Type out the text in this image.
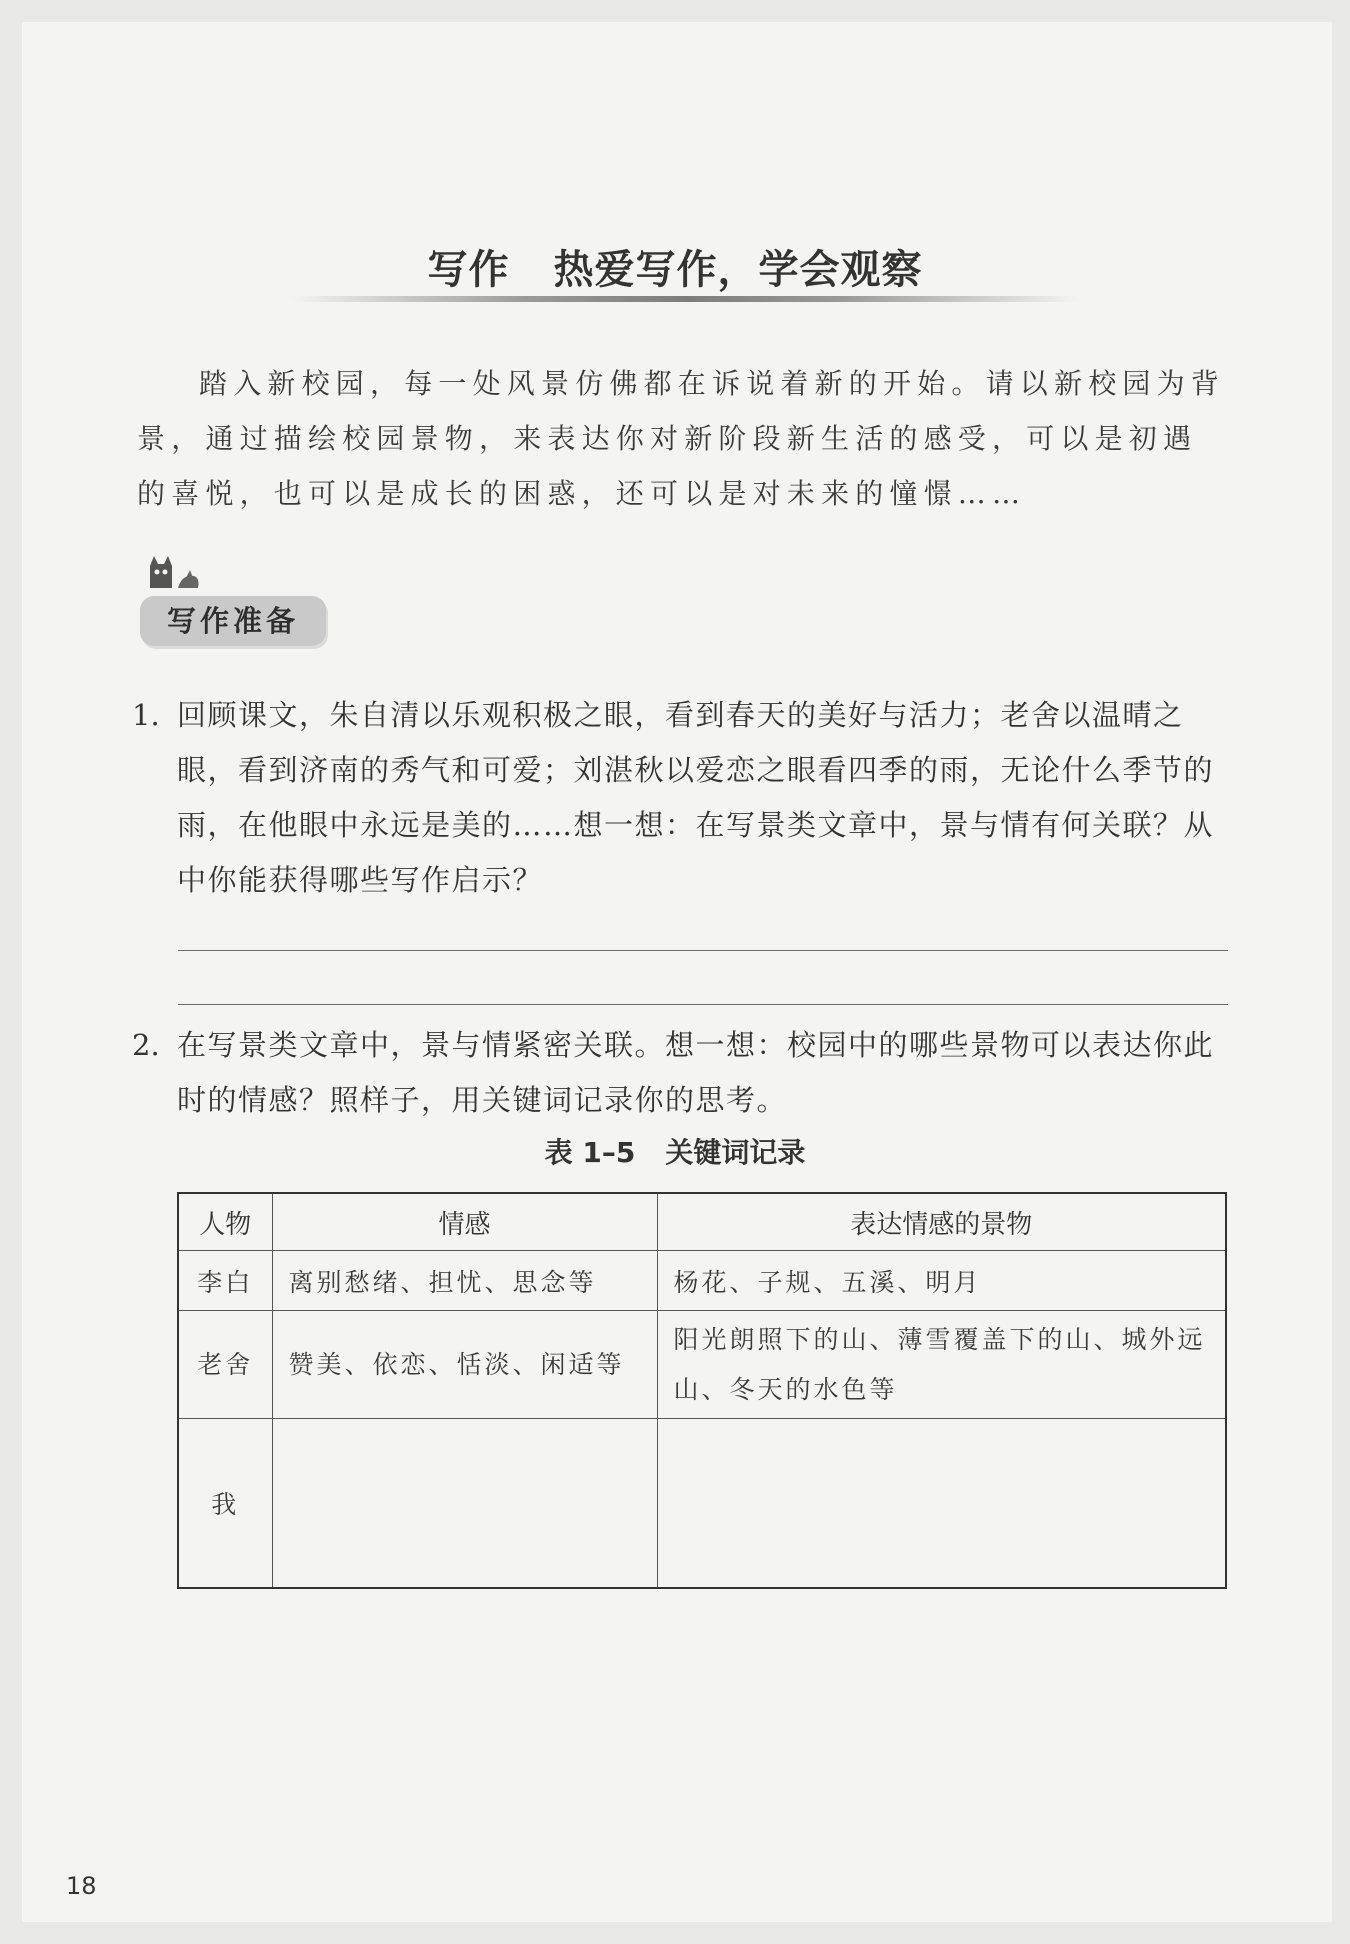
写作 热爱写作，学会观察

踏入新校园，每一处风景仿佛都在诉说着新的开始。请以新校园为背景，通过描绘校园景物，来表达你对新阶段新生活的感受，可以是初遇的喜悦，也可以是成长的困惑，还可以是对未来的憧憬……

写作准备
1. 回顾课文，朱自清以乐观积极之眼，看到春天的美好与活力；老舍以温晴之眼，看到济南的秀气和可爱；刘湛秋以爱恋之眼看四季的雨，无论什么季节的雨，在他眼中永远是美的……想一想：在写景类文章中，景与情有何关联？从中你能获得哪些写作启示？
2. 在写景类文章中，景与情紧密关联。想一想：校园中的哪些景物可以表达你此时的情感？照样子，用关键词记录你的思考。
表 1–5 关键词记录
人物	情感	表达情感的景物
李白	离别愁绪、担忧、思念等	杨花、子规、五溪、明月
老舍	赞美、依恋、恬淡、闲适等	阳光朗照下的山、薄雪覆盖下的山、城外远山、冬天的水色等
我		
18
